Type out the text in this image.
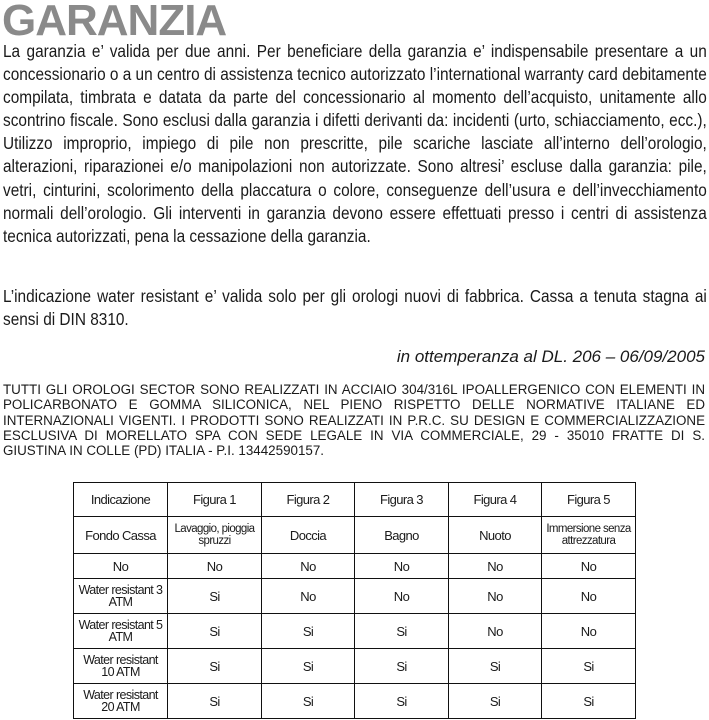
GARANZIA

La garanzia e’ valida per due anni. Per beneficiare della garanzia e’ indispensabile presentare a un concessionario o a un centro di assistenza tecnico autorizzato l’international warranty card debitamente compilata, timbrata e datata da parte del concessionario al momento dell’acquisto, unitamente allo scontrino fiscale. Sono esclusi dalla garanzia i difetti derivanti da: incidenti (urto, schiacciamento, ecc.), Utilizzo improprio, impiego di pile non prescritte, pile scariche lasciate all’interno dell’orologio, alterazioni, riparazionei e/o manipolazioni non autorizzate. Sono altresi’ escluse dalla garanzia: pile, vetri, cinturini, scolorimento della placcatura o colore, conseguenze dell’usura e dell’invecchiamento normali dell’orologio. Gli interventi in garanzia devono essere effettuati presso i centri di assistenza tecnica autorizzati, pena la cessazione della garanzia.

L’indicazione water resistant e’ valida solo per gli orologi nuovi di fabbrica. Cassa a tenuta stagna ai sensi di DIN 8310.

in ottemperanza al DL. 206 – 06/09/2005

TUTTI GLI OROLOGI SECTOR SONO REALIZZATI IN ACCIAIO 304/316L IPOALLERGENICO CON ELEMENTI IN POLICARBONATO E GOMMA SILICONICA, NEL PIENO RISPETTO DELLE NORMATIVE ITALIANE ED INTERNAZIONALI VIGENTI. I PRODOTTI SONO REALIZZATI IN P.R.C. SU DESIGN E COMMERCIALIZZAZIONE ESCLUSIVA DI MORELLATO SPA CON SEDE LEGALE IN VIA COMMERCIALE, 29 - 35010 FRATTE DI S. GIUSTINA IN COLLE (PD) ITALIA - P.I. 13442590157.

Indicazione	Figura 1	Figura 2	Figura 3	Figura 4	Figura 5
Fondo Cassa	Lavaggio, pioggia spruzzi	Doccia	Bagno	Nuoto	Immersione senza attrezzatura
No	No	No	No	No	No
Water resistant 3 ATM	Si	No	No	No	No
Water resistant 5 ATM	Si	Si	Si	No	No
Water resistant 10 ATM	Si	Si	Si	Si	Si
Water resistant 20 ATM	Si	Si	Si	Si	Si
